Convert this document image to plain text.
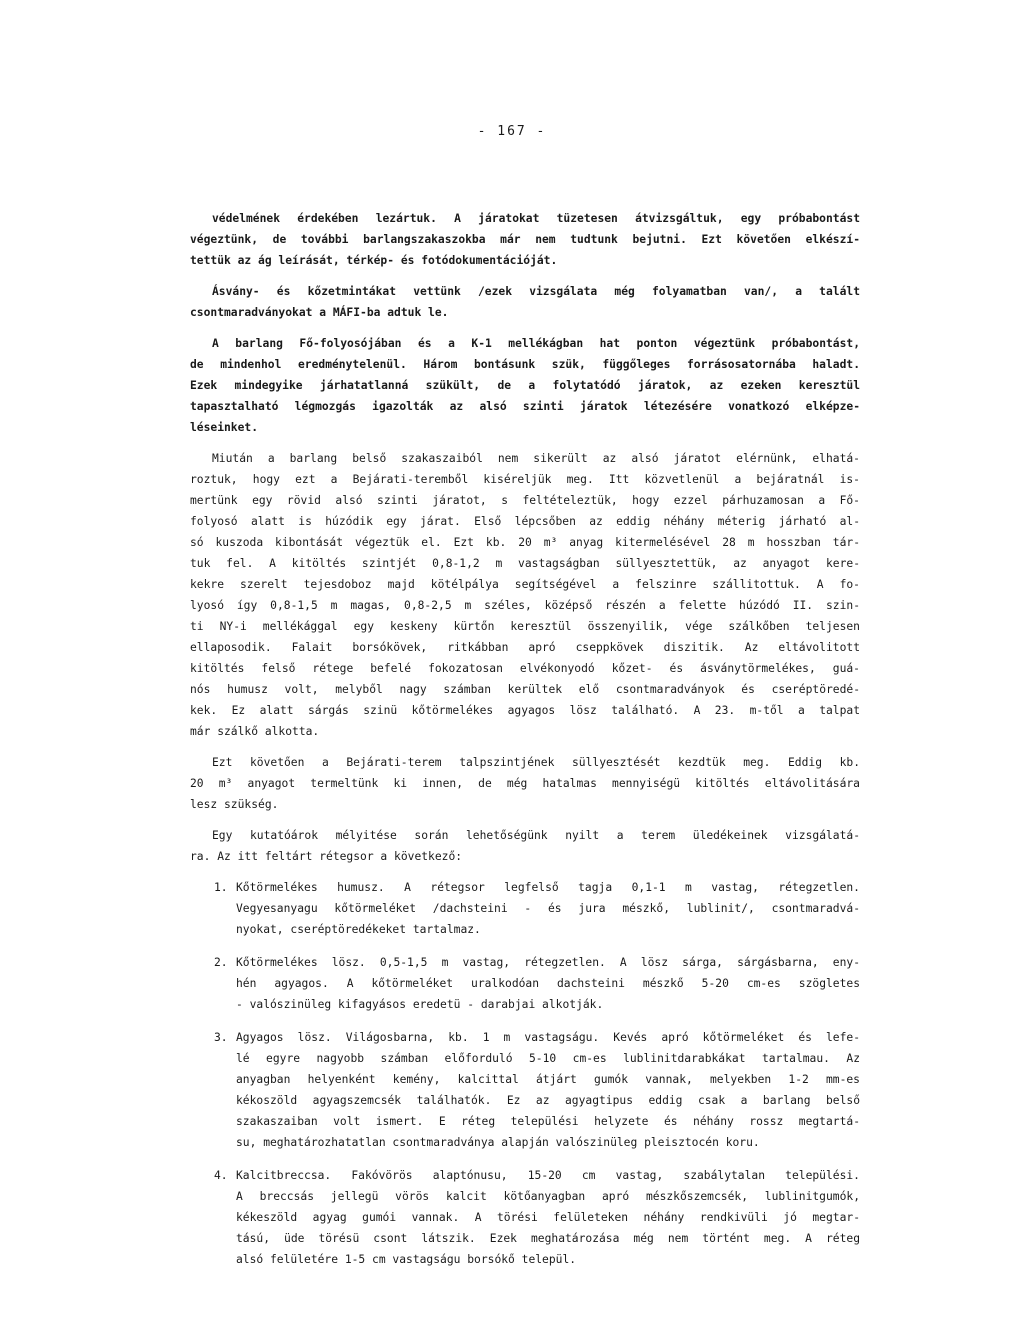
- 167 -
védelmének érdekében lezártuk. A járatokat tüzetesen átvizsgáltuk, egy próbabontást
végeztünk, de további barlangszakaszokba már nem tudtunk bejutni. Ezt követően elkészí-
tettük az ág leírását, térkép- és fotódokumentációját.
Ásvány- és kőzetmintákat vettünk /ezek vizsgálata még folyamatban van/, a talált
csontmaradványokat a MÁFI-ba adtuk le.
A barlang Fő-folyosójában és a K-1 mellékágban hat ponton végeztünk próbabontást,
de mindenhol eredménytelenül. Három bontásunk szük, függőleges forrásosatornába haladt.
Ezek mindegyike járhatatlanná szükült, de a folytatódó járatok, az ezeken keresztül
tapasztalható légmozgás igazolták az alsó szinti járatok létezésére vonatkozó elképze-
léseinket.
Miután a barlang belső szakaszaiból nem sikerült az alsó járatot elérnünk, elhatá-
roztuk, hogy ezt a Bejárati-teremből kiséreljük meg. Itt közvetlenül a bejáratnál is-
mertünk egy rövid alsó szinti járatot, s feltételeztük, hogy ezzel párhuzamosan a Fő-
folyosó alatt is húzódik egy járat. Első lépcsőben az eddig néhány méterig járható al-
só kuszoda kibontását végeztük el. Ezt kb. 20 m³ anyag kitermelésével 28 m hosszban tár-
tuk fel. A kitöltés szintjét 0,8-1,2 m vastagságban süllyesztettük, az anyagot kere-
kekre szerelt tejesdoboz majd kötélpálya segítségével a felszinre szállitottuk. A fo-
lyosó így 0,8-1,5 m magas, 0,8-2,5 m széles, középső részén a felette húzódó II. szin-
ti NY-i mellékággal egy keskeny kürtőn keresztül összenyilik, vége szálkőben teljesen
ellaposodik. Falait borsókövek, ritkábban apró cseppkövek diszitik. Az eltávolitott
kitöltés felső rétege befelé fokozatosan elvékonyodó kőzet- és ásványtörmelékes, guá-
nós humusz volt, melyből nagy számban kerültek elő csontmaradványok és cseréptöredé-
kek. Ez alatt sárgás szinü kőtörmelékes agyagos lösz található. A 23. m-től a talpat
már szálkő alkotta.
Ezt követően a Bejárati-terem talpszintjének süllyesztését kezdtük meg. Eddig kb.
20 m³ anyagot termeltünk ki innen, de még hatalmas mennyiségü kitöltés eltávolitására
lesz szükség.
Egy kutatóárok mélyitése során lehetőségünk nyilt a terem üledékeinek vizsgálatá-
ra. Az itt feltárt rétegsor a következő:
1. Kőtörmelékes humusz. A rétegsor legfelső tagja 0,1-1 m vastag, rétegzetlen.
Vegyesanyagu kőtörmeléket /dachsteini - és jura mészkő, lublinit/, csontmaradvá-
nyokat, cseréptöredékeket tartalmaz.
2. Kőtörmelékes lösz. 0,5-1,5 m vastag, rétegzetlen. A lösz sárga, sárgásbarna, eny-
hén agyagos. A kőtörmeléket uralkodóan dachsteini mészkő 5-20 cm-es szögletes
- valószinüleg kifagyásos eredetü - darabjai alkotják.
3. Agyagos lösz. Világosbarna, kb. 1 m vastagságu. Kevés apró kőtörmeléket és lefe-
lé egyre nagyobb számban előforduló 5-10 cm-es lublinitdarabkákat tartalmau. Az
anyagban helyenként kemény, kalcittal átjárt gumók vannak, melyekben 1-2 mm-es
kékoszöld agyagszemcsék találhatók. Ez az agyagtipus eddig csak a barlang belső
szakaszaiban volt ismert. E réteg települési helyzete és néhány rossz megtartá-
su, meghatározhatatlan csontmaradványa alapján valószinüleg pleisztocén koru.
4. Kalcitbreccsa. Fakóvörös alaptónusu, 15-20 cm vastag, szabálytalan települési.
A breccsás jellegü vörös kalcit kötőanyagban apró mészkőszemcsék, lublinitgumók,
kékeszöld agyag gumói vannak. A törési felületeken néhány rendkivüli jó megtar-
tású, üde törésü csont látszik. Ezek meghatározása még nem történt meg. A réteg
alsó felületére 1-5 cm vastagságu borsókő települ.
